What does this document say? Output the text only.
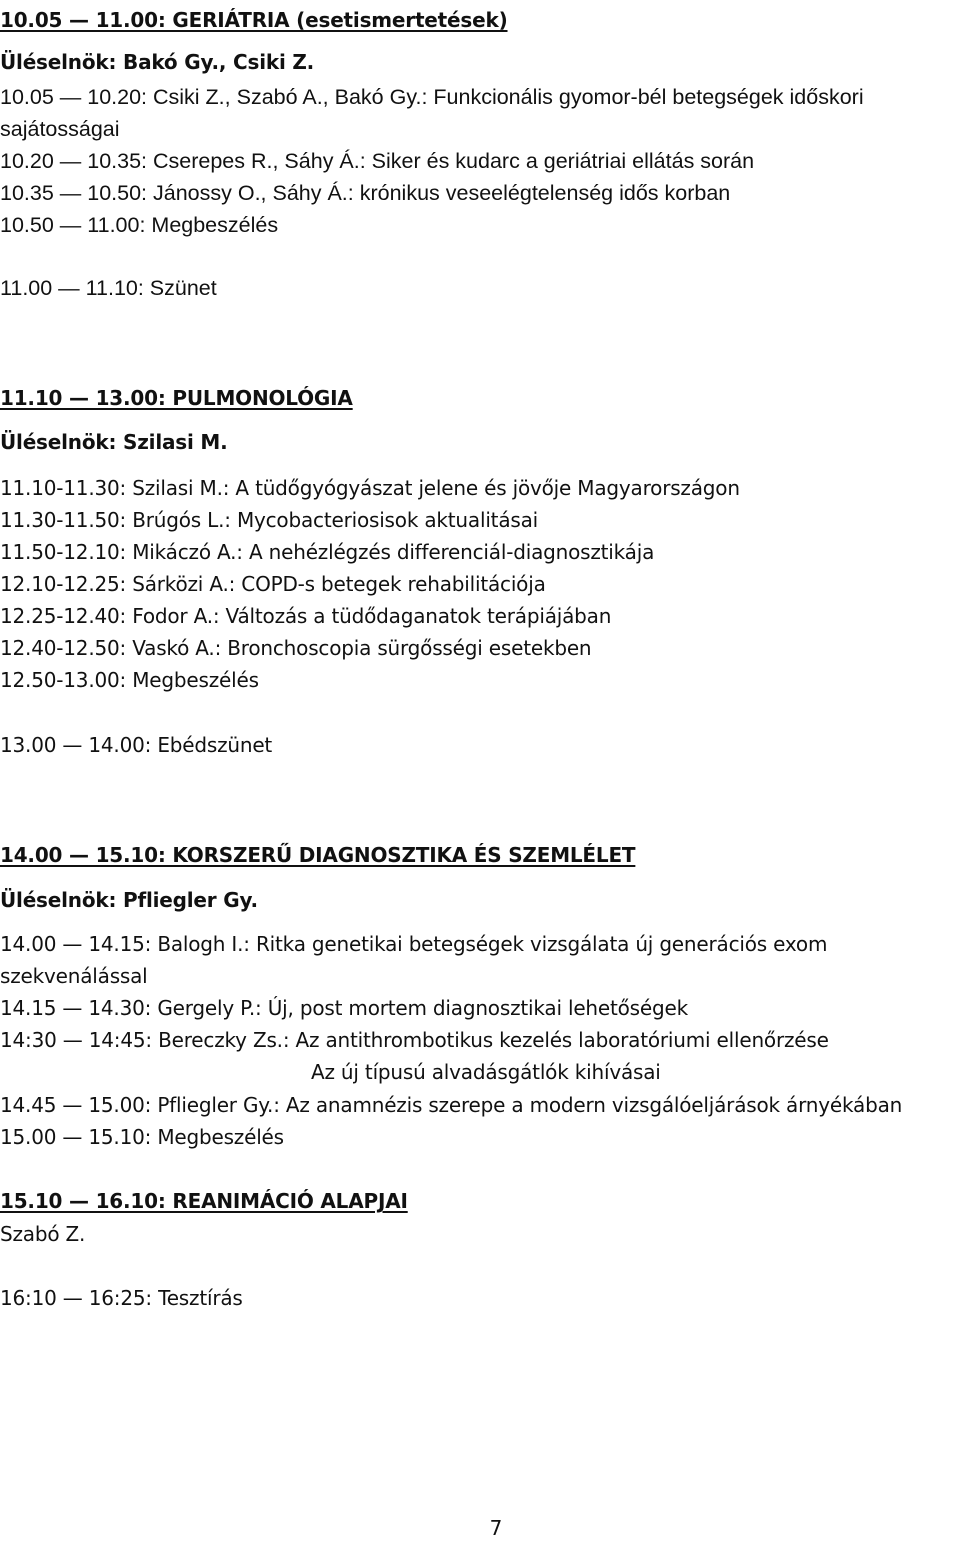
10.05 — 11.00: GERIÁTRIA (esetismertetések)
Üléselnök: Bakó Gy., Csiki Z.
10.05 — 10.20: Csiki Z., Szabó A., Bakó Gy.: Funkcionális gyomor-bél betegségek időskori
sajátosságai
10.20 — 10.35: Cserepes R., Sáhy Á.: Siker és kudarc a geriátriai ellátás során
10.35 — 10.50: Jánossy O., Sáhy Á.: krónikus veseelégtelenség idős korban
10.50 — 11.00: Megbeszélés
11.00 — 11.10: Szünet
11.10 — 13.00: PULMONOLÓGIA
Üléselnök: Szilasi M.
11.10-11.30: Szilasi M.: A tüdőgyógyászat jelene és jövője Magyarországon
11.30-11.50: Brúgós L.: Mycobacteriosisok aktualitásai
11.50-12.10: Mikáczó A.: A nehézlégzés differenciál-diagnosztikája
12.10-12.25: Sárközi A.: COPD-s betegek rehabilitációja
12.25-12.40: Fodor A.: Változás a tüdődaganatok terápiájában
12.40-12.50: Vaskó A.: Bronchoscopia sürgősségi esetekben
12.50-13.00: Megbeszélés
13.00 — 14.00: Ebédszünet
14.00 — 15.10: KORSZERŰ DIAGNOSZTIKA ÉS SZEMLÉLET
Üléselnök: Pfliegler Gy.
14.00 — 14.15: Balogh I.: Ritka genetikai betegségek vizsgálata új generációs exom
szekvenálással
14.15 — 14.30: Gergely P.: Új, post mortem diagnosztikai lehetőségek
14:30 — 14:45: Bereczky Zs.: Az antithrombotikus kezelés laboratóriumi ellenőrzése
Az új típusú alvadásgátlók kihívásai
14.45 — 15.00: Pfliegler Gy.: Az anamnézis szerepe a modern vizsgálóeljárások árnyékában
15.00 — 15.10: Megbeszélés
15.10 — 16.10: REANIMÁCIÓ ALAPJAI
Szabó Z.
16:10 — 16:25: Tesztírás
7
